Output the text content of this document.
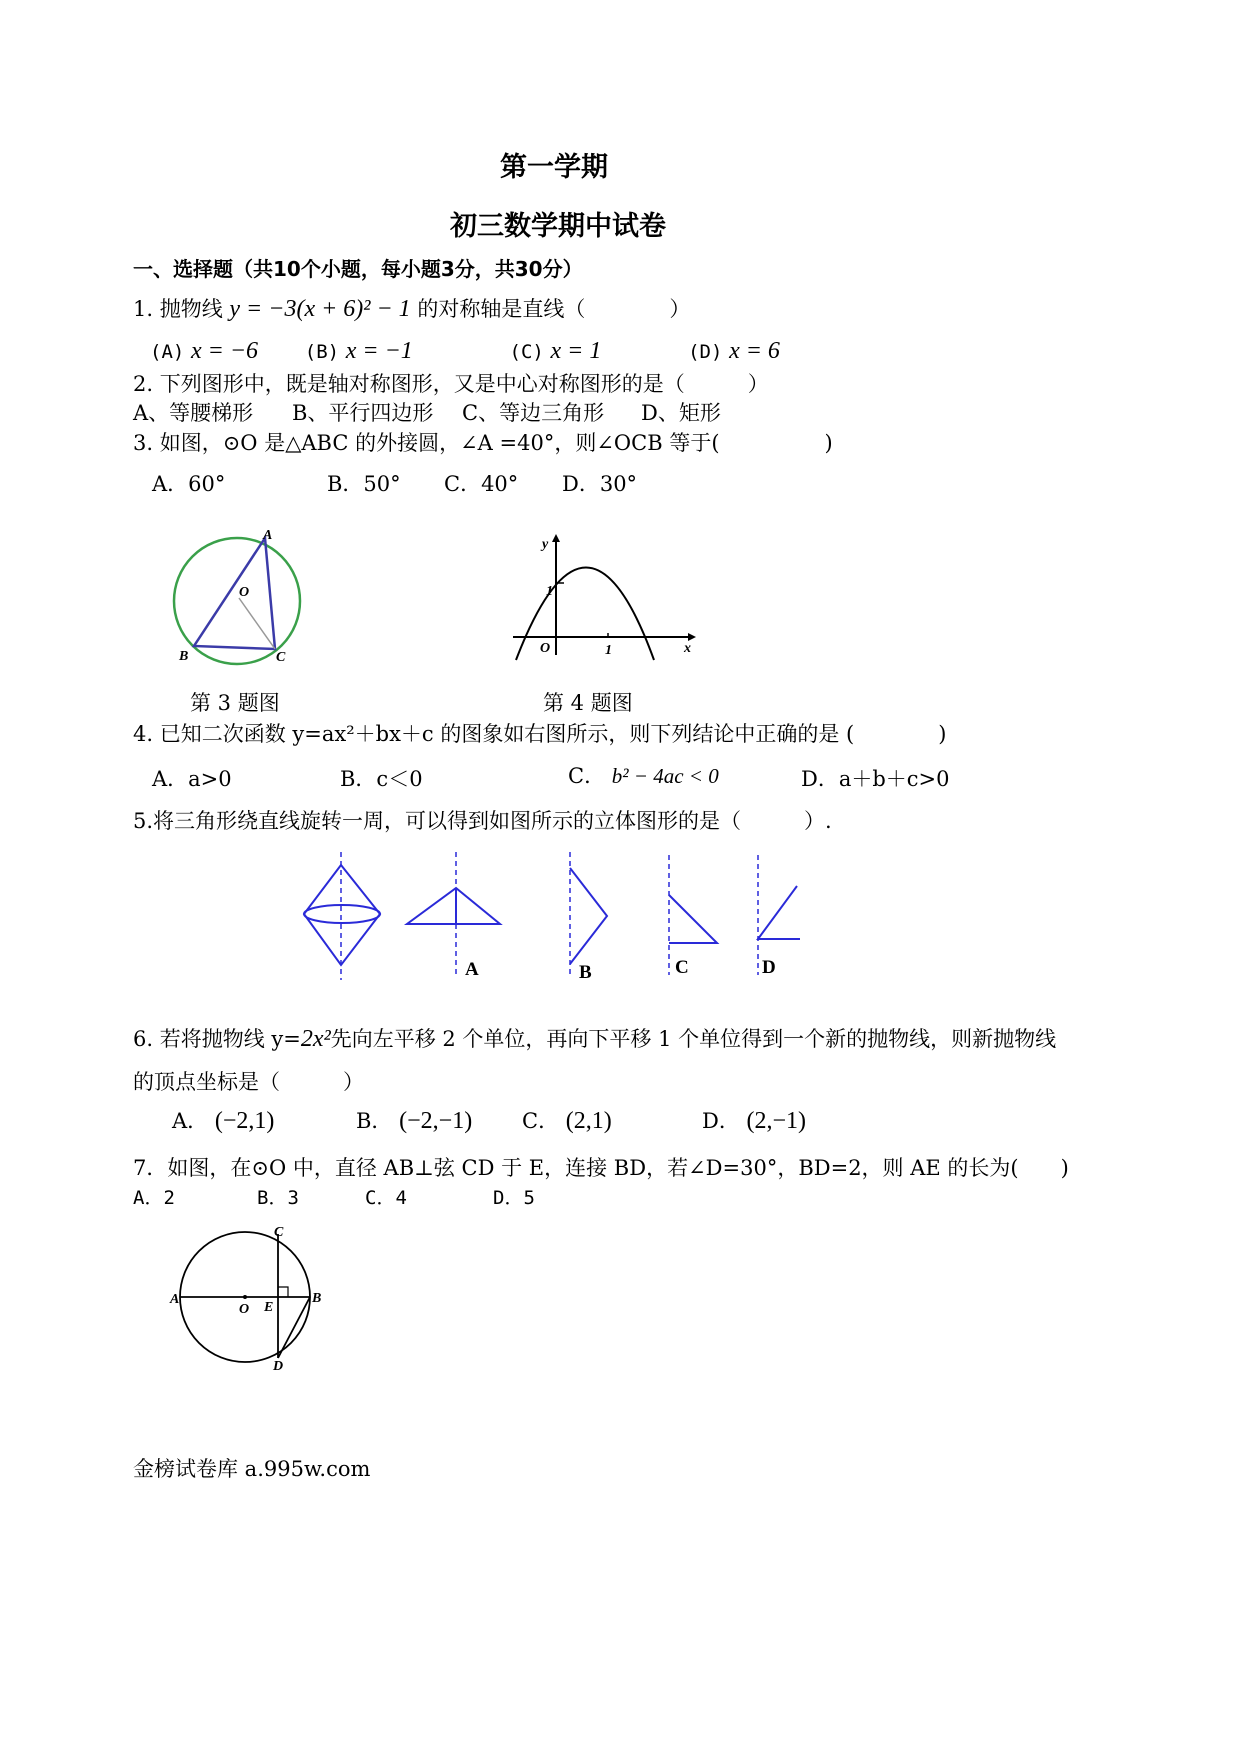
第一学期
初三数学期中试卷
一、选择题（共10个小题，每小题3分，共30分）
1. 抛物线 y = −3(x + 6)² − 1 的对称轴是直线（　　　　）
(A) x = −6 (B) x = −1	(C) x = 1	(D) x = 6
2. 下列图形中，既是轴对称图形，又是中心对称图形的是（　　　）
A、等腰梯形 B、平行四边形 C、等边三角形 D、矩形
3. 如图，⊙O 是△ABC 的外接圆，∠A =40°，则∠OCB 等于(　　　　　)
A．60°	B．50° C．40° D．30°
A
O
B	C
第 3 题图
y
1
O	1	x
第 4 题图
4. 已知二次函数 y=ax²＋bx＋c 的图象如右图所示，则下列结论中正确的是 (　　　　)
A．a>0	B．c＜0	C． b² − 4ac < 0	D．a＋b＋c>0
5.将三角形绕直线旋转一周，可以得到如图所示的立体图形的是（　　　）.
A	B	C	D
6. 若将抛物线 y=2x²先向左平移 2 个单位，再向下平移 1 个单位得到一个新的抛物线，则新抛物线
的顶点坐标是（　　　）
A． (−2,1)	B． (−2,−1) C． (2,1)	D． (2,−1)
7．如图，在⊙O 中，直径 AB⊥弦 CD 于 E，连接 BD，若∠D=30°，BD=2，则 AE 的长为(　　)
A．2	B．3	C．4	D．5
C
A
O E
B
D
金榜试卷库 a.995w.com
